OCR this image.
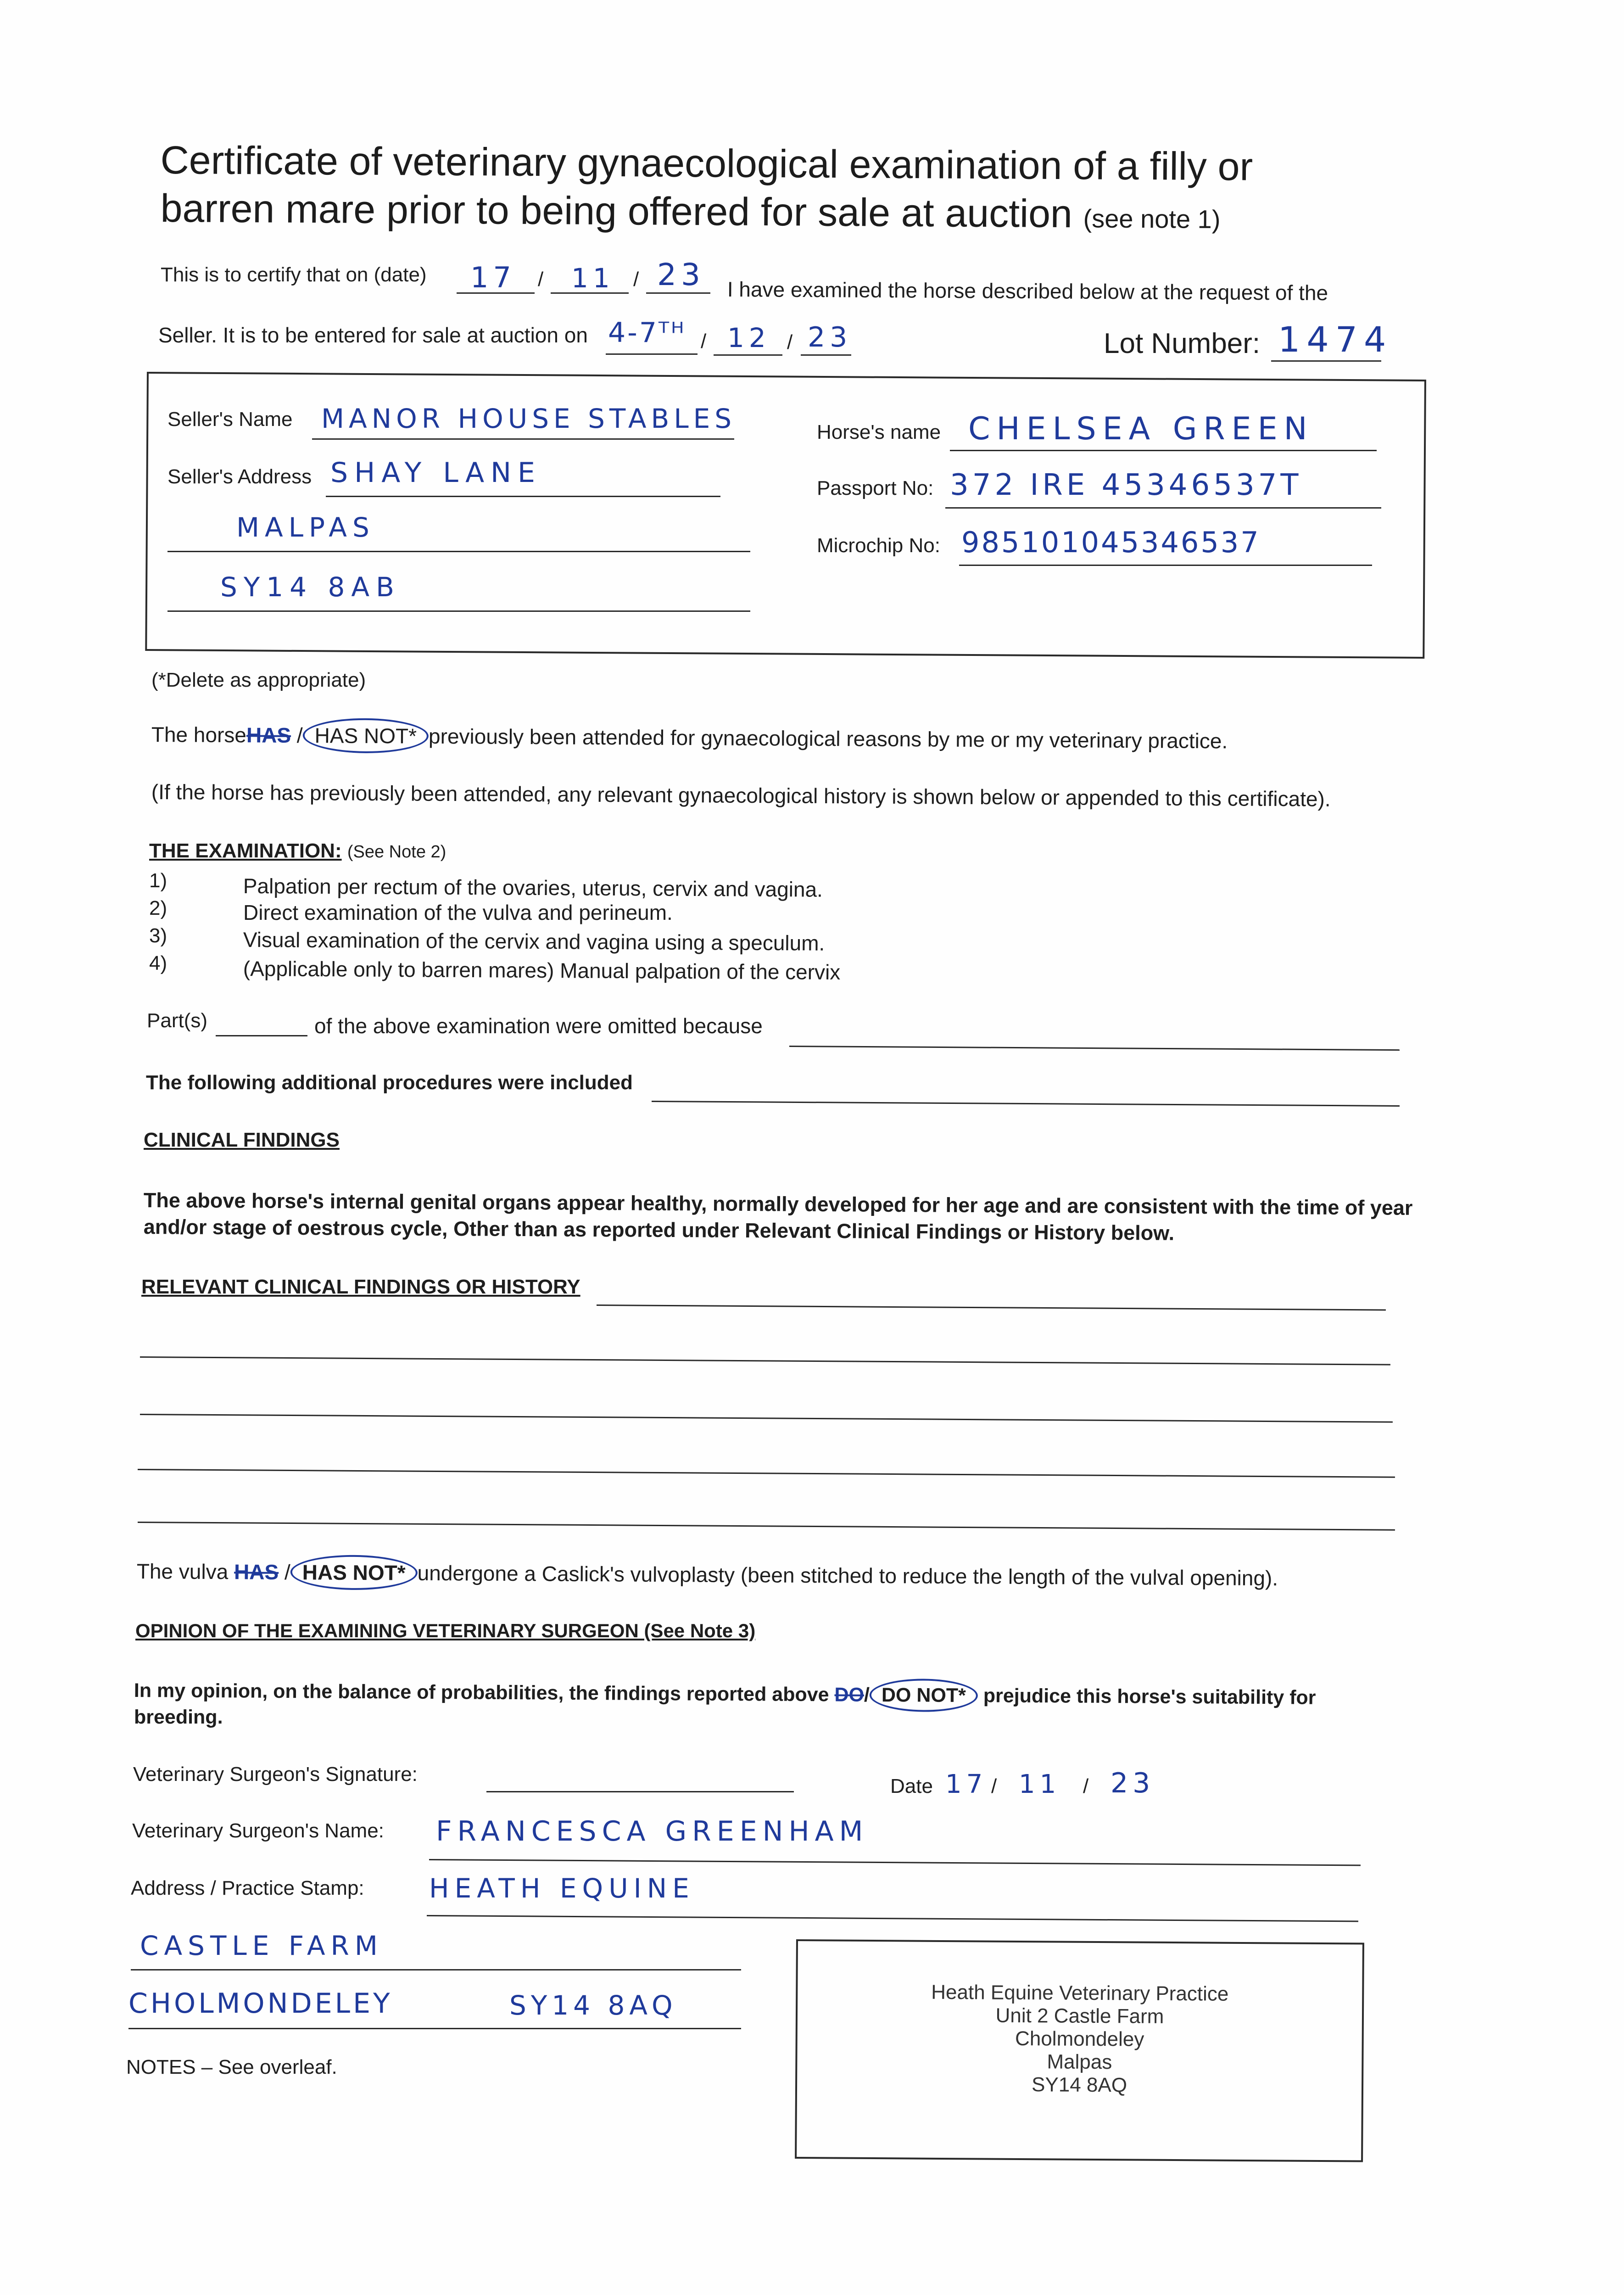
Certificate of veterinary gynaecological examination of a filly or
barren mare prior to being offered for sale at auction (see note 1)
This is to certify that on (date) 17 / 11 / 23 I have examined the horse described below at the request of the
Seller. It is to be entered for sale at auction on 4-7ᵀᴴ / 12 / 23	Lot Number: 1474
Seller's Name MANOR HOUSE STABLES
Seller's Address SHAY LANE
MALPAS
SY14 8AB
Horse's name CHELSEA GREEN
Passport No: 372 IRE 45346537T
Microchip No: 985101045346537
(*Delete as appropriate)
The horseHAS / HAS NOT* previously been attended for gynaecological reasons by me or my veterinary practice.
(If the horse has previously been attended, any relevant gynaecological history is shown below or appended to this certificate).
THE EXAMINATION: (See Note 2)
1)	Palpation per rectum of the ovaries, uterus, cervix and vagina.
2)	Direct examination of the vulva and perineum.
3)	Visual examination of the cervix and vagina using a speculum.
4)	(Applicable only to barren mares) Manual palpation of the cervix
Part(s)	of the above examination were omitted because
The following additional procedures were included
CLINICAL FINDINGS
The above horse's internal genital organs appear healthy, normally developed for her age and are consistent with the time of year
and/or stage of oestrous cycle, Other than as reported under Relevant Clinical Findings or History below.
RELEVANT CLINICAL FINDINGS OR HISTORY
The vulva HAS / HAS NOT* undergone a Caslick's vulvoplasty (been stitched to reduce the length of the vulval opening).
OPINION OF THE EXAMINING VETERINARY SURGEON (See Note 3)
In my opinion, on the balance of probabilities, the findings reported above DO/ DO NOT* prejudice this horse's suitability for
breeding.
Veterinary Surgeon's Signature:
Date 17 / 11 / 23
Veterinary Surgeon's Name: FRANCESCA GREENHAM
Address / Practice Stamp: HEATH EQUINE
CASTLE FARM
CHOLMONDELEY	SY14 8AQ
NOTES – See overleaf.
Heath Equine Veterinary Practice
Unit 2 Castle Farm
Cholmondeley
Malpas
SY14 8AQ
